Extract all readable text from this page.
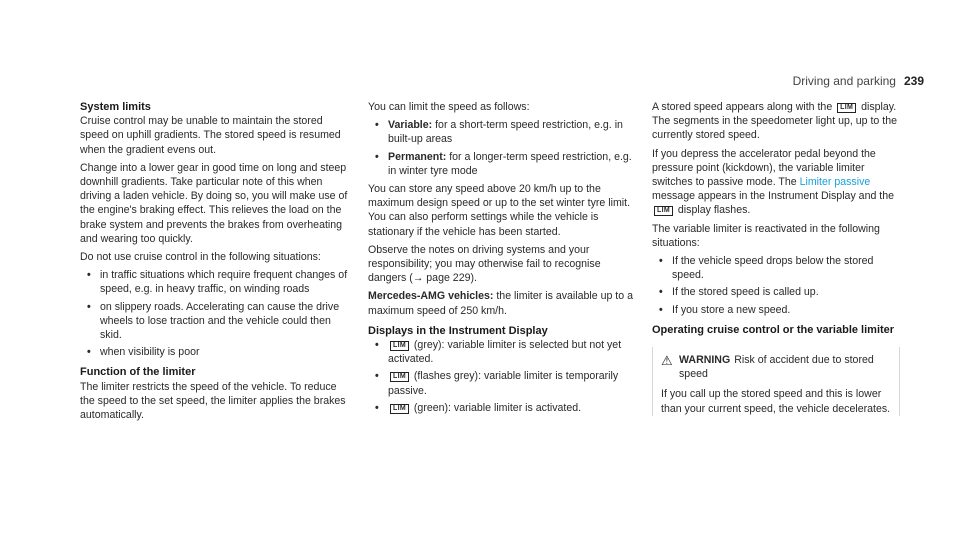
Driving and parking 239
System limits

Cruise control may be unable to maintain the stored speed on uphill gradients. The stored speed is resumed when the gradient evens out.

Change into a lower gear in good time on long and steep downhill gradients. Take particular note of this when driving a laden vehicle. By doing so, you will make use of the engine's braking effect. This relieves the load on the brake system and prevents the brakes from overheating and wearing too quickly.

Do not use cruise control in the following situations:

• in traffic situations which require frequent changes of speed, e.g. in heavy traffic, on winding roads
• on slippery roads. Accelerating can cause the drive wheels to lose traction and the vehicle could then skid.
• when visibility is poor
Function of the limiter

The limiter restricts the speed of the vehicle. To reduce the speed to the set speed, the limiter applies the brakes automatically.

You can limit the speed as follows:

• Variable: for a short-term speed restriction, e.g. in built-up areas
• Permanent: for a longer-term speed restriction, e.g. in winter tyre mode

You can store any speed above 20 km/h up to the maximum design speed or up to the set winter tyre limit. You can also perform settings while the vehicle is stationary if the vehicle has been started.

Observe the notes on driving systems and your responsibility; you may otherwise fail to recognise dangers (→ page 229).

Mercedes-AMG vehicles: the limiter is available up to a maximum speed of 250 km/h.

Displays in the Instrument Display
• LIM (grey): variable limiter is selected but not yet activated.
• LIM (flashes grey): variable limiter is temporarily passive.
• LIM (green): variable limiter is activated.

A stored speed appears along with the LIM display. The segments in the speedometer light up, up to the currently stored speed.

If you depress the accelerator pedal beyond the pressure point (kickdown), the variable limiter switches to passive mode. The Limiter passive message appears in the Instrument Display and the LIM display flashes.

The variable limiter is reactivated in the following situations:

• If the vehicle speed drops below the stored speed.
• If the stored speed is called up.
• If you store a new speed.
Operating cruise control or the variable limiter
⚠ WARNING Risk of accident due to stored speed
If you call up the stored speed and this is lower than your current speed, the vehicle decelerates.
